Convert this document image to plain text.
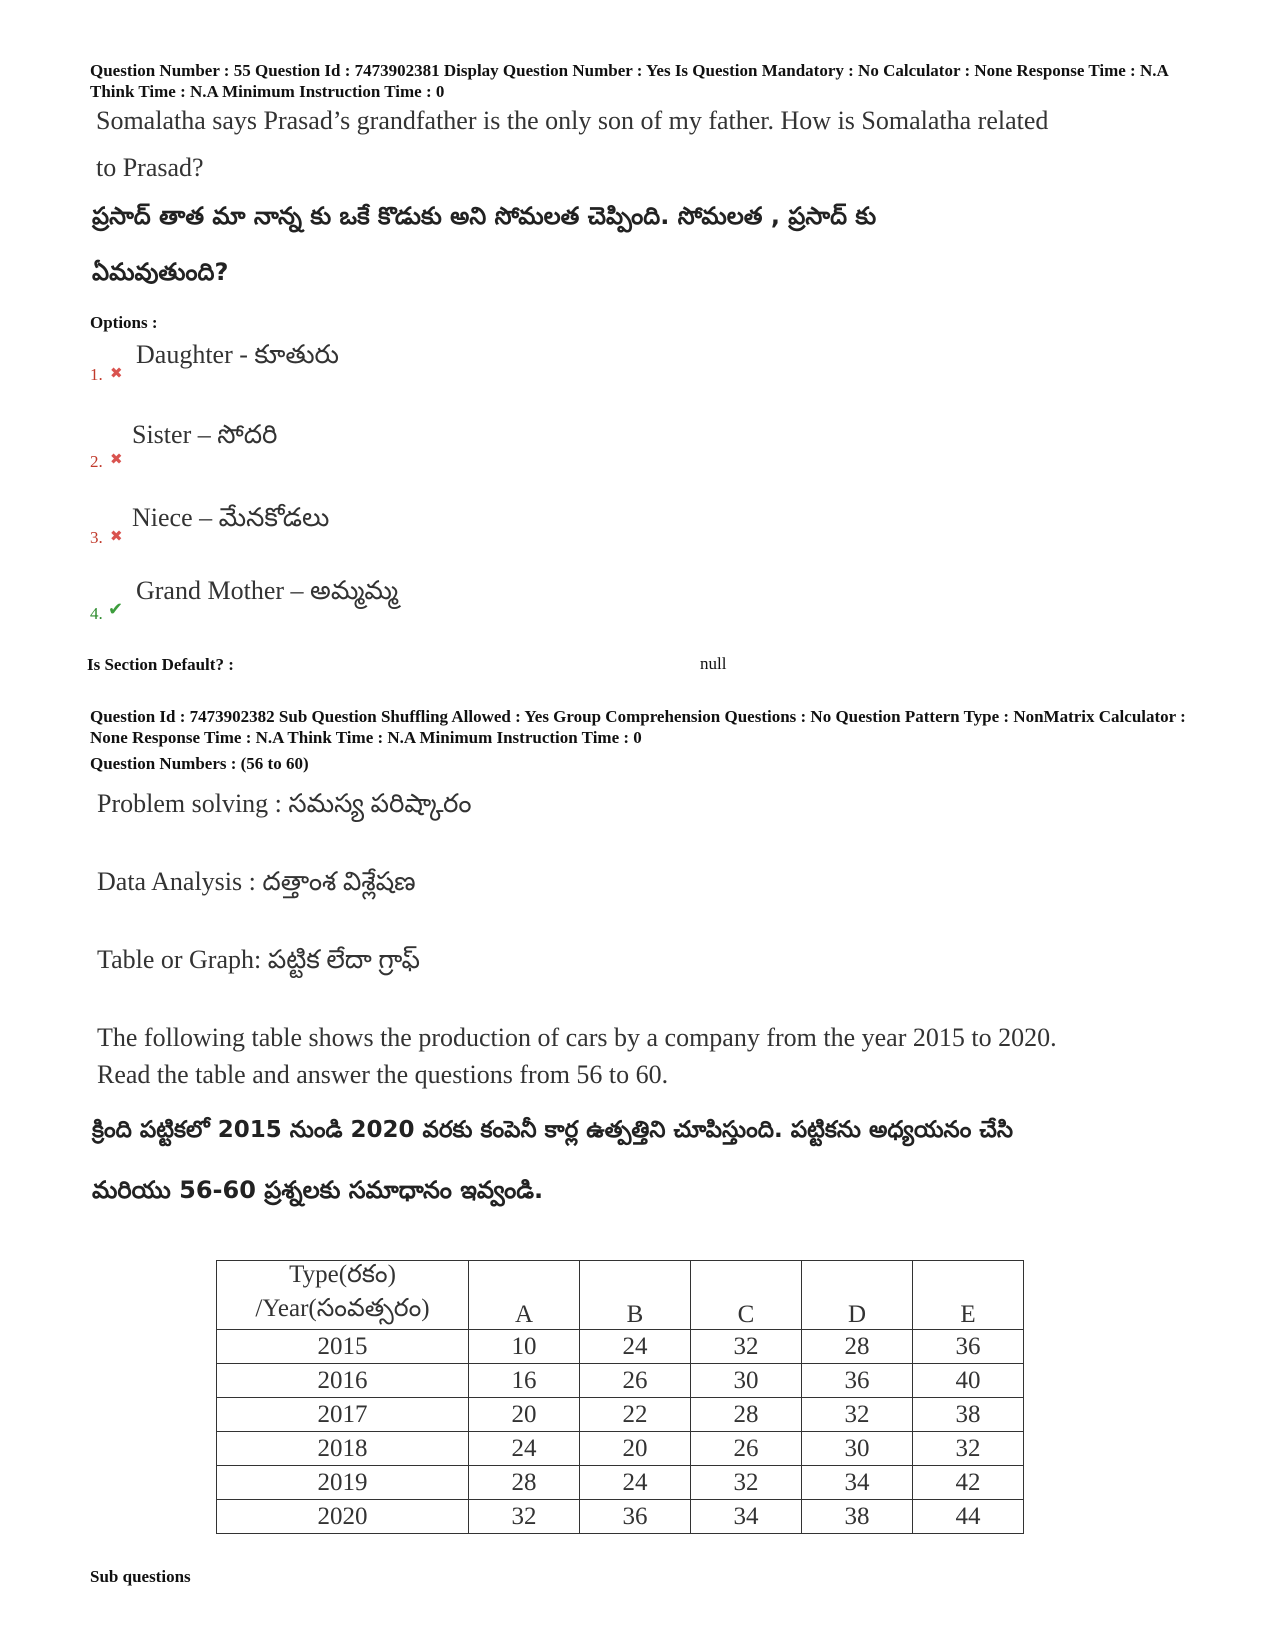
Question Number : 55 Question Id : 7473902381 Display Question Number : Yes Is Question Mandatory : No Calculator : None Response Time : N.A Think Time : N.A Minimum Instruction Time : 0
Somalatha says Prasad’s grandfather is the only son of my father. How is Somalatha related
to Prasad?
ప్రసాద్ తాత మా నాన్న కు ఒకే కొడుకు అని సోమలత చెప్పింది. సోమలత , ప్రసాద్ కు
ఏమవుతుంది?
Options :
1. ✖
Daughter - కూతురు
2. ✖
Sister – సోదరి
3. ✖
Niece – మేనకోడలు
4. ✔
Grand Mother – అమ్మమ్మ
Is Section Default? :	null
Question Id : 7473902382 Sub Question Shuffling Allowed : Yes Group Comprehension Questions : No Question Pattern Type : NonMatrix Calculator : None Response Time : N.A Think Time : N.A Minimum Instruction Time : 0
Question Numbers : (56 to 60)
Problem solving : సమస్య పరిష్కారం
Data Analysis : దత్తాంశ విశ్లేషణ
Table or Graph: పట్టిక లేదా గ్రాఫ్
The following table shows the production of cars by a company from the year 2015 to 2020.
Read the table and answer the questions from 56 to 60.
క్రింది పట్టికలో 2015 నుండి 2020 వరకు కంపెనీ కార్ల ఉత్పత్తిని చూపిస్తుంది. పట్టికను అధ్యయనం చేసి
మరియు 56-60 ప్రశ్నలకు సమాధానం ఇవ్వండి.
Type(రకం)
/Year(సంవత్సరం)	A	B	C	D	E
2015	10	24	32	28	36
2016	16	26	30	36	40
2017	20	22	28	32	38
2018	24	20	26	30	32
2019	28	24	32	34	42
2020	32	36	34	38	44
Sub questions
